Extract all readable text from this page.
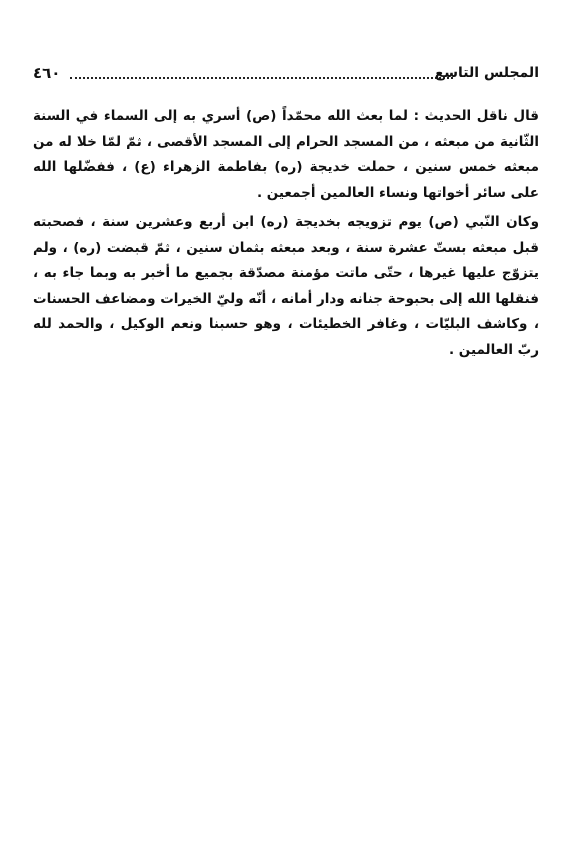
٤٦٠	المجلس التاسع

قال ناقل الحديث : لما بعث الله محمّداً (ص) أسري به إلى السماء في السنة الثّانية من مبعثه ، من المسجد الحرام إلى المسجد الأقصى ، ثمّ لمّا خلا له من مبعثه خمس سنين ، حملت خديجة (ره) بفاطمة الزهراء (ع) ، ففضّلها الله على سائر أخواتها ونساء العالمين أجمعين .

وكان النّبي (ص) يوم تزويجه بخديجة (ره) ابن أربع وعشرين سنة ، فصحبته قبل مبعثه بستّ عشرة سنة ، وبعد مبعثه بثمان سنين ، ثمّ قبضت (ره) ، ولم يتزوّج عليها غيرها ، حتّى ماتت مؤمنة مصدّقة بجميع ما أخبر به وبما جاء به ، فنقلها الله إلى بحبوحة جنانه ودار أمانه ، أنّه وليّ الخيرات ومضاعف الحسنات ، وكاشف البليّات ، وغافر الخطيئات ، وهو حسبنا ونعم الوكيل ، والحمد لله ربّ العالمين .
